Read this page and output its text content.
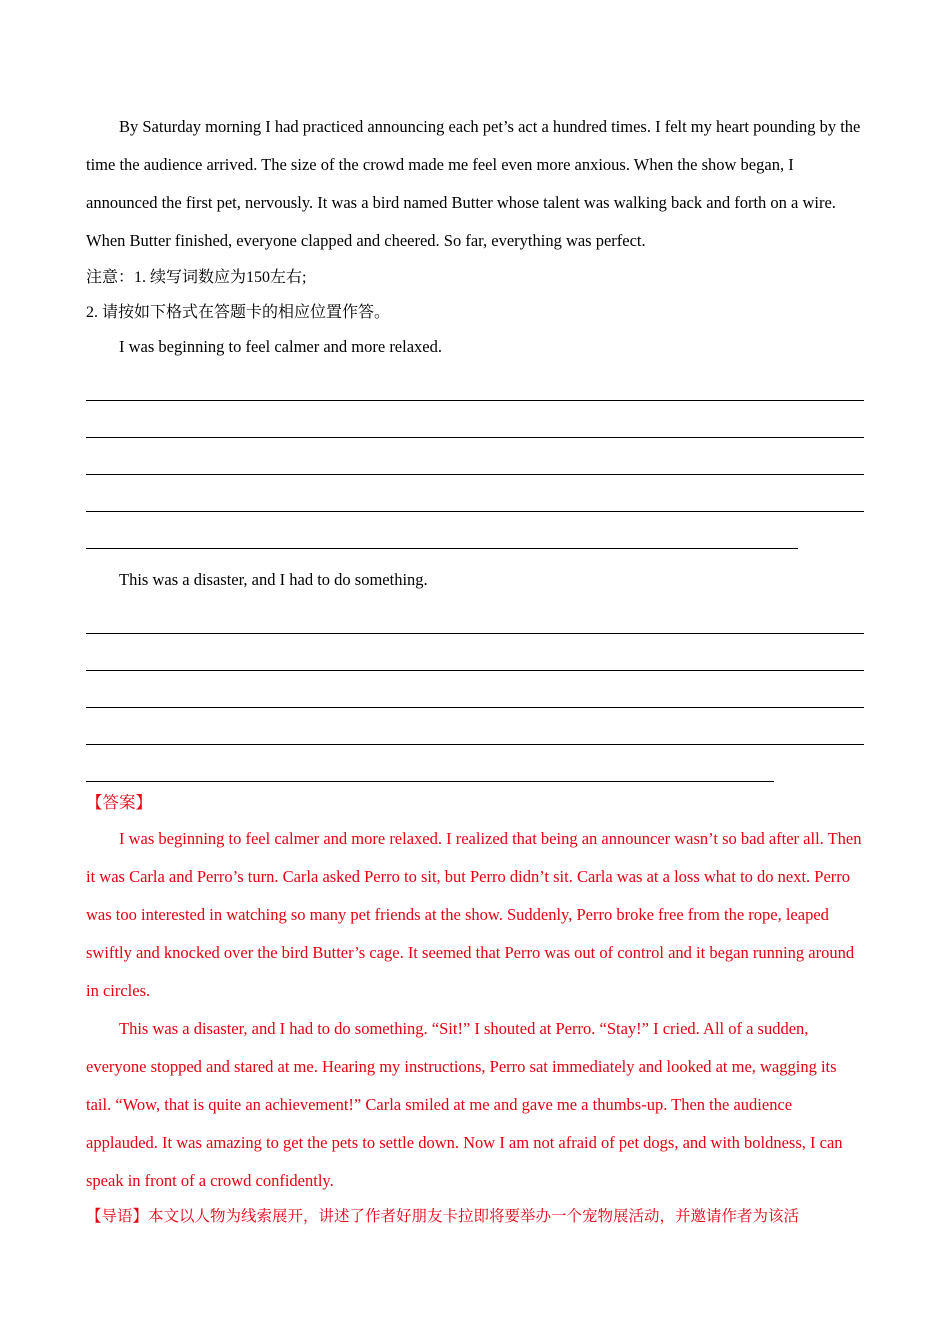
By Saturday morning I had practiced announcing each pet’s act a hundred times. I felt my heart pounding by the time the audience arrived. The size of the crowd made me feel even more anxious. When the show began, I announced the first pet, nervously. It was a bird named Butter whose talent was walking back and forth on a wire. When Butter finished, everyone clapped and cheered. So far, everything was perfect.

注意：1. 续写词数应为150左右;

2. 请按如下格式在答题卡的相应位置作答。

I was beginning to feel calmer and more relaxed.

This was a disaster, and I had to do something.

【答案】

I was beginning to feel calmer and more relaxed. I realized that being an announcer wasn’t so bad after all. Then it was Carla and Perro’s turn. Carla asked Perro to sit, but Perro didn’t sit. Carla was at a loss what to do next. Perro was too interested in watching so many pet friends at the show. Suddenly, Perro broke free from the rope, leaped swiftly and knocked over the bird Butter’s cage. It seemed that Perro was out of control and it began running around in circles.

This was a disaster, and I had to do something. “Sit!” I shouted at Perro. “Stay!” I cried. All of a sudden, everyone stopped and stared at me. Hearing my instructions, Perro sat immediately and looked at me, wagging its tail. “Wow, that is quite an achievement!” Carla smiled at me and gave me a thumbs-up. Then the audience applauded. It was amazing to get the pets to settle down. Now I am not afraid of pet dogs, and with boldness, I can speak in front of a crowd confidently.

【导语】本文以人物为线索展开，讲述了作者好朋友卡拉即将要举办一个宠物展活动，并邀请作者为该活
